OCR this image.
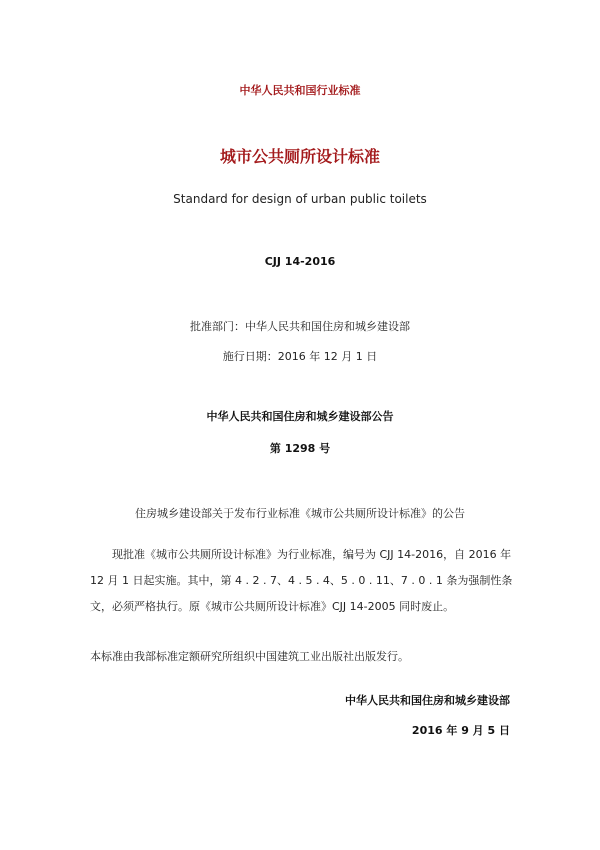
中华人民共和国行业标准
城市公共厕所设计标准
Standard for design of urban public toilets
CJJ 14-2016
批准部门：中华人民共和国住房和城乡建设部
施行日期：2016 年 12 月 1 日
中华人民共和国住房和城乡建设部公告
第 1298 号
住房城乡建设部关于发布行业标准《城市公共厕所设计标准》的公告

现批准《城市公共厕所设计标准》为行业标准，编号为 CJJ 14-2016，自 2016 年

12 月 1 日起实施。其中，第 4 . 2 . 7、4 . 5 . 4、5 . 0 . 11、7 . 0 . 1 条为强制性条

文，必须严格执行。原《城市公共厕所设计标准》CJJ 14-2005 同时废止。

本标准由我部标准定额研究所组织中国建筑工业出版社出版发行。

中华人民共和国住房和城乡建设部
2016 年 9 月 5 日
